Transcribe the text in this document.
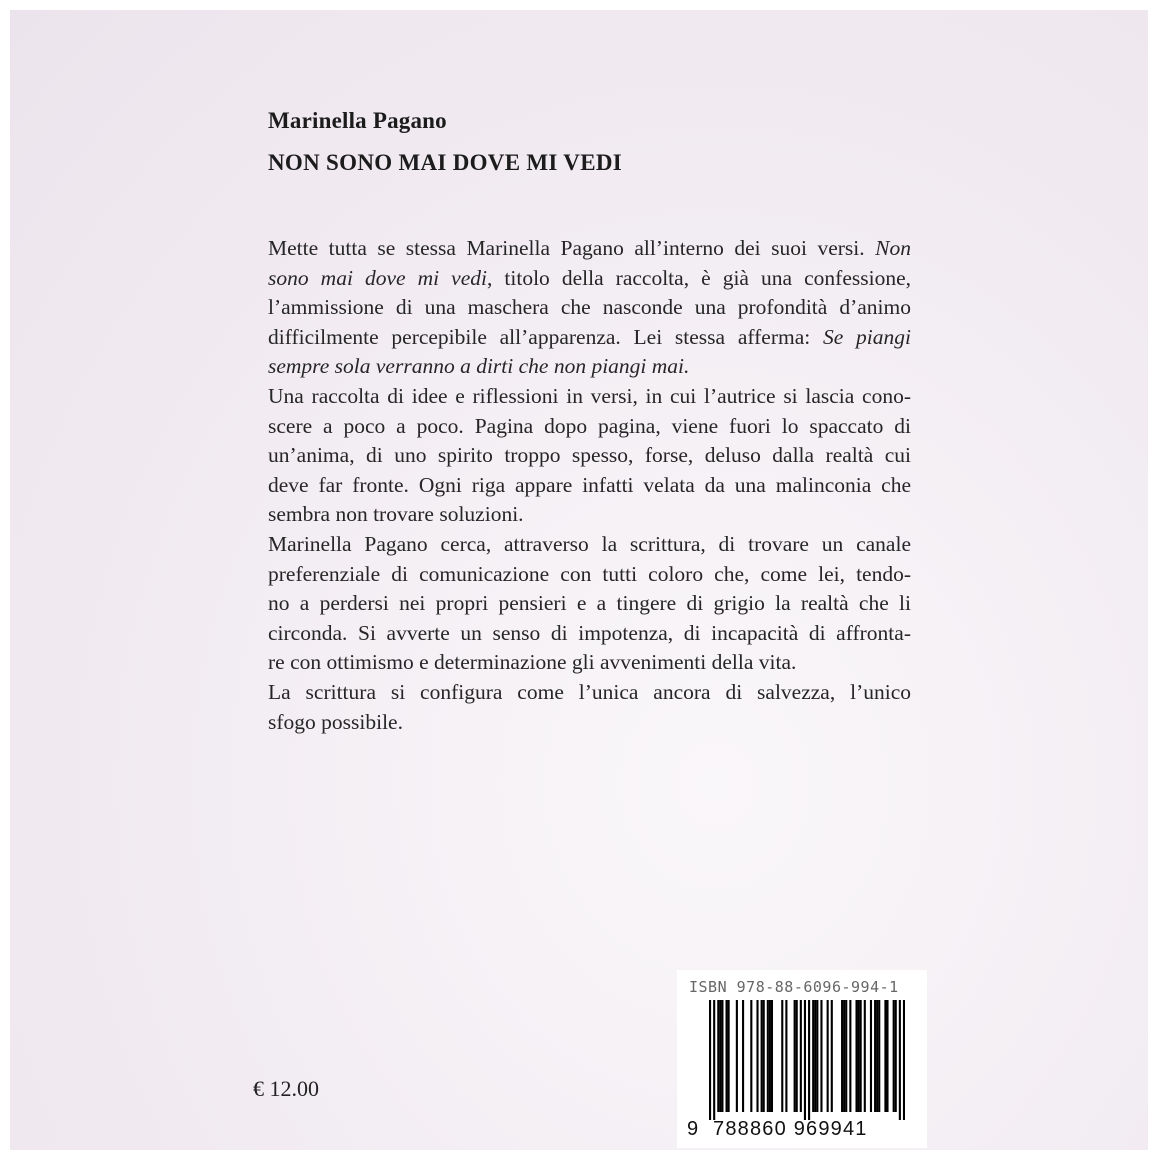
Marinella Pagano
NON SONO MAI DOVE MI VEDI
Mette tutta se stessa Marinella Pagano all’interno dei suoi versi. Non
sono mai dove mi vedi, titolo della raccolta, è già una confessione,
l’ammissione di una maschera che nasconde una profondità d’animo
difficilmente percepibile all’apparenza. Lei stessa afferma: Se piangi
sempre sola verranno a dirti che non piangi mai.
Una raccolta di idee e riflessioni in versi, in cui l’autrice si lascia cono-
scere a poco a poco. Pagina dopo pagina, viene fuori lo spaccato di
un’anima, di uno spirito troppo spesso, forse, deluso dalla realtà cui
deve far fronte. Ogni riga appare infatti velata da una malinconia che
sembra non trovare soluzioni.
Marinella Pagano cerca, attraverso la scrittura, di trovare un canale
preferenziale di comunicazione con tutti coloro che, come lei, tendo-
no a perdersi nei propri pensieri e a tingere di grigio la realtà che li
circonda. Si avverte un senso di impotenza, di incapacità di affronta-
re con ottimismo e determinazione gli avvenimenti della vita.
La scrittura si configura come l’unica ancora di salvezza, l’unico
sfogo possibile.
€ 12.00
ISBN 978-88-6096-994-1
9 788860 969941
